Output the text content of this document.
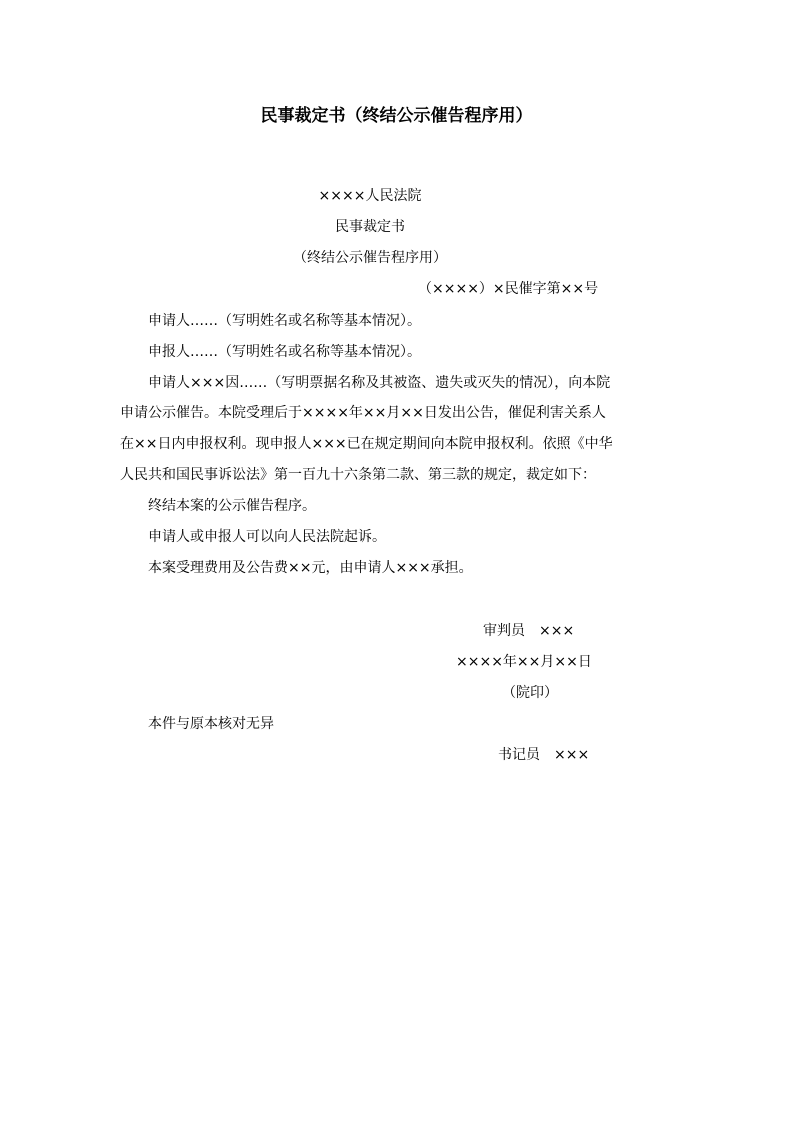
民事裁定书（终结公示催告程序用）
××××人民法院
民事裁定书
（终结公示催告程序用）
（××××）×民催字第××号
申请人……（写明姓名或名称等基本情况）。
申报人……（写明姓名或名称等基本情况）。
申请人×××因……（写明票据名称及其被盗、遗失或灭失的情况），向本院
申请公示催告。本院受理后于××××年××月××日发出公告，催促利害关系人
在××日内申报权利。现申报人×××已在规定期间向本院申报权利。依照《中华
人民共和国民事诉讼法》第一百九十六条第二款、第三款的规定，裁定如下：
终结本案的公示催告程序。
申请人或申报人可以向人民法院起诉。
本案受理费用及公告费××元，由申请人×××承担。
审判员　×××
××××年××月××日
（院印）
本件与原本核对无异
书记员　×××
